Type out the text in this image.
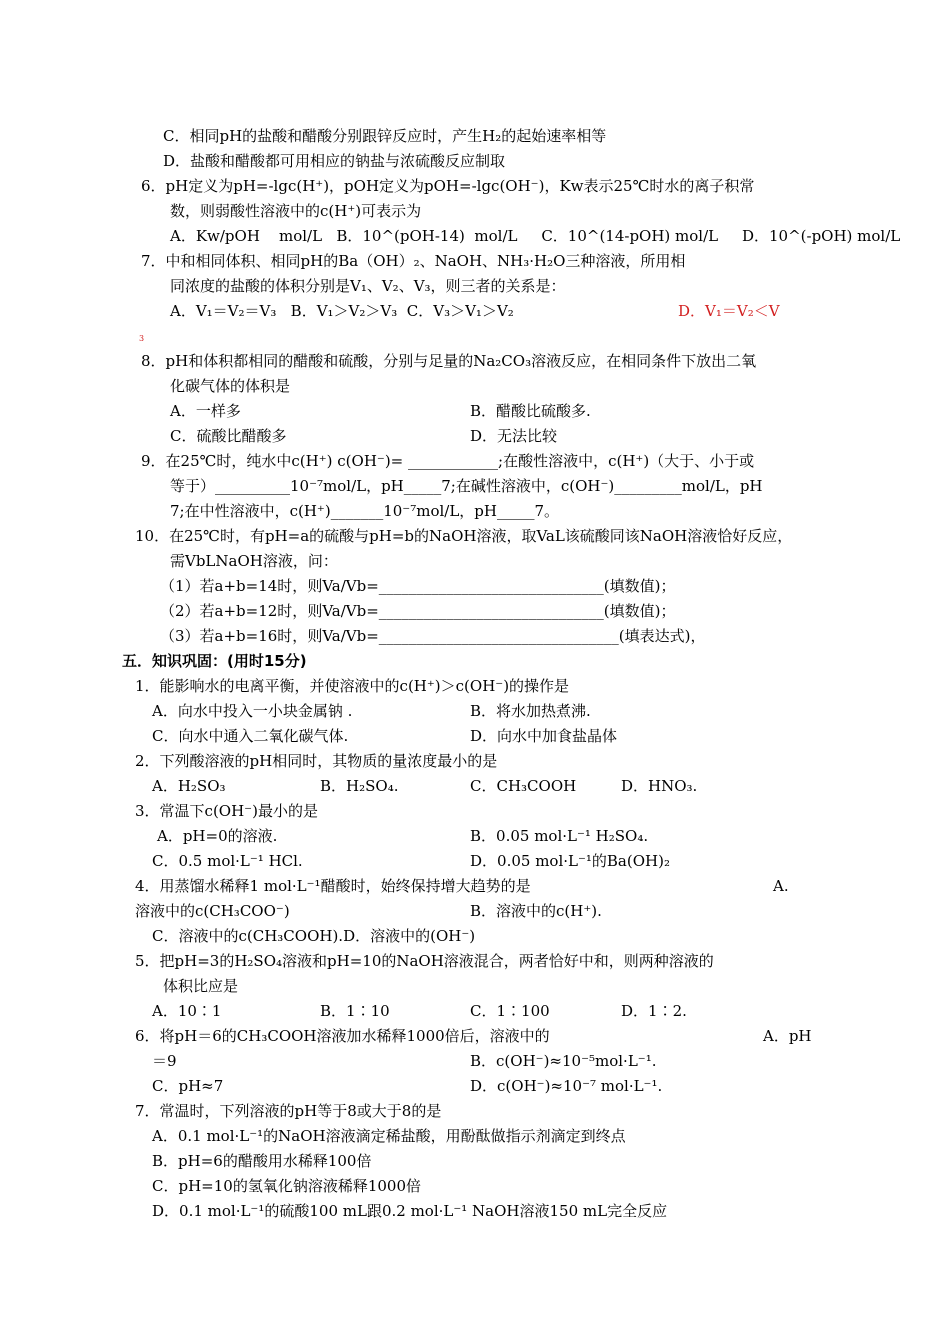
C．相同pH的盐酸和醋酸分别跟锌反应时，产生H₂的起始速率相等
D．盐酸和醋酸都可用相应的钠盐与浓硫酸反应制取
6．pH定义为pH=-lgc(H⁺)，pOH定义为pOH=-lgc(OH⁻)，Kw表示25℃时水的离子积常
数，则弱酸性溶液中的c(H⁺)可表示为
A．Kw/pOH    mol/L   B．10^(pOH-14)  mol/L     C．10^(14-pOH) mol/L     D．10^(-pOH) mol/L
7．中和相同体积、相同pH的Ba（OH）₂、NaOH、NH₃·H₂O三种溶液，所用相
同浓度的盐酸的体积分别是V₁、V₂、V₃，则三者的关系是：
A．V₁＝V₂＝V₃   B．V₁＞V₂＞V₃  C．V₃＞V₁＞V₂	D．V₁＝V₂＜V
3
8．pH和体积都相同的醋酸和硫酸，分别与足量的Na₂CO₃溶液反应，在相同条件下放出二氧
化碳气体的体积是
A．一样多	B．醋酸比硫酸多.
C．硫酸比醋酸多	D．无法比较
9．在25℃时，纯水中c(H⁺) c(OH⁻)= ____________;在酸性溶液中，c(H⁺)（大于、小于或
等于）__________10⁻⁷mol/L，pH_____7;在碱性溶液中，c(OH⁻)_________mol/L，pH
7;在中性溶液中，c(H⁺)_______10⁻⁷mol/L，pH_____7。
10．在25℃时，有pH=a的硫酸与pH=b的NaOH溶液，取VaL该硫酸同该NaOH溶液恰好反应，
需VbLNaOH溶液，问：
（1）若a+b=14时，则Va/Vb=______________________________(填数值)；
（2）若a+b=12时，则Va/Vb=______________________________(填数值)；
（3）若a+b=16时，则Va/Vb=________________________________(填表达式)，
五．知识巩固：(用时15分)
1．能影响水的电离平衡，并使溶液中的c(H⁺)＞c(OH⁻)的操作是
A．向水中投入一小块金属钠 .	B．将水加热煮沸.
C．向水中通入二氧化碳气体.	D．向水中加食盐晶体
2．下列酸溶液的pH相同时，其物质的量浓度最小的是
A．H₂SO₃	B．H₂SO₄.	C．CH₃COOH	D．HNO₃.
3．常温下c(OH⁻)最小的是
A．pH=0的溶液.	B．0.05 mol·L⁻¹ H₂SO₄.
C．0.5 mol·L⁻¹ HCl.	D．0.05 mol·L⁻¹的Ba(OH)₂
4．用蒸馏水稀释1 mol·L⁻¹醋酸时，始终保持增大趋势的是	A.
溶液中的c(CH₃COO⁻)	B．溶液中的c(H⁺).
C．溶液中的c(CH₃COOH).D．溶液中的(OH⁻)
5．把pH=3的H₂SO₄溶液和pH=10的NaOH溶液混合，两者恰好中和，则两种溶液的
体积比应是
A．10∶1	B．1∶10	C．1∶100	D．1∶2.
6．将pH＝6的CH₃COOH溶液加水稀释1000倍后，溶液中的	A．pH
＝9	B．c(OH⁻)≈10⁻⁵mol·L⁻¹.
C．pH≈7	D．c(OH⁻)≈10⁻⁷ mol·L⁻¹.
7．常温时，下列溶液的pH等于8或大于8的是
A．0.1 mol·L⁻¹的NaOH溶液滴定稀盐酸，用酚酞做指示剂滴定到终点
B．pH=6的醋酸用水稀释100倍
C．pH=10的氢氧化钠溶液稀释1000倍
D．0.1 mol·L⁻¹的硫酸100 mL跟0.2 mol·L⁻¹ NaOH溶液150 mL完全反应
